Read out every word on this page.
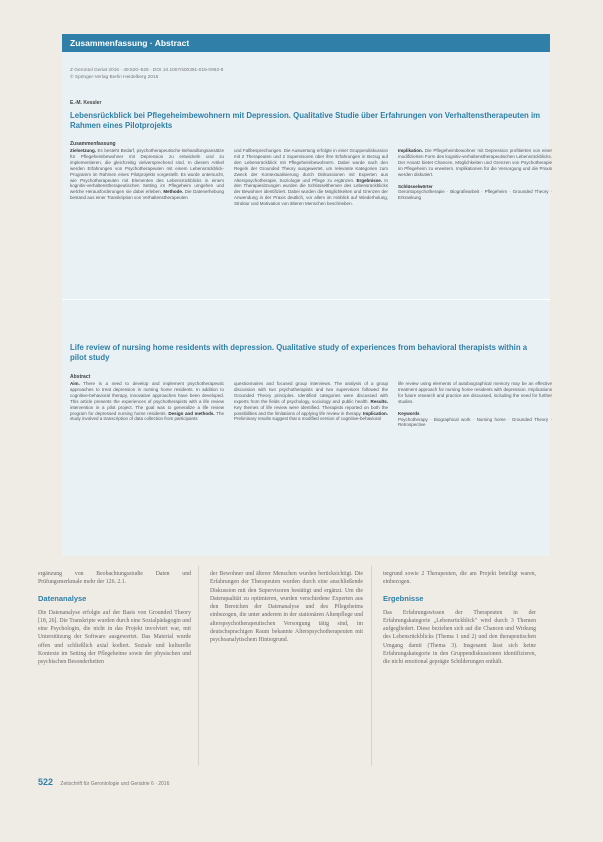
Zusammenfassung · Abstract
Z Gerontol Geriat 2016 · 49:520–525 · DOI 10.1007/s00391-015-0963-8
© Springer-Verlag Berlin Heidelberg 2015
E.-M. Kessler
Lebensrückblick bei Pflegeheimbewohnern mit Depression. Qualitative Studie über Erfahrungen von Verhaltenstherapeuten im Rahmen eines Pilotprojekts
Zusammenfassung
Zielsetzung. Es besteht Bedarf, psychotherapeutische Behandlungsansätze für Pflegeheimbewohner mit Depression zu entwickeln und zu implementieren, die gleichzeitig vielversprechend sind. In diesem Artikel werden Erfahrungen von Psychotherapeuten mit einem Lebensrückblick-Programm im Rahmen eines Pilotprojekts vorgestellt. Es wurde untersucht, wie Psychotherapeuten mit Elementen des Lebensrückblicks in einem kognitiv-verhaltenstherapeutischen Setting im Pflegeheim umgehen und welche Herausforderungen sie dabei erleben. Methode. Die Datenerhebung bestand aus einer Transkription von Verhaltenstherapeuten
und Fallbesprechungen. Die Auswertung erfolgte in einer Gruppendiskussion mit 2 Therapeuten und 2 Supervisoren über ihre Erfahrungen in Bezug auf den Lebensrückblick mit Pflegeheimbewohnern. Dabei wurde nach den Regeln der Grounded Theory ausgewertet, um relevante Kategorien zum Zweck der Kontextualisierung durch Diskussionen mit Experten aus Alterspsychotherapie, Soziologie und Pflege zu ergänzen. Ergebnisse. In den Therapiesitzungen wurden die Schlüsselthemen des Lebensrückblicks der Bewohner identifiziert. Dabei wurden die Möglichkeiten und Grenzen der Anwendung in der Praxis deutlich, vor allem im Hinblick auf Wiederholung, Struktur und Motivation von älteren Menschen beschrieben.
Implikation. Die Pflegeheimbewohner mit Depression profitierten von einer modifizierten Form des kognitiv-verhaltenstherapeutischen Lebensrückblicks. Der Ansatz bietet Chancen, Möglichkeiten und Grenzen von Psychotherapie im Pflegeheim zu erweitern. Implikationen für die Versorgung und die Praxis werden diskutiert.
Schlüsselwörter
Gerontopsychotherapie · Biografiearbeit · Pflegeheim · Grounded Theory · Erkrankung
Life review of nursing home residents with depression. Qualitative study of experiences from behavioral therapists within a pilot study
Abstract
Aim. There is a need to develop and implement psychotherapeutic approaches to treat depression in nursing home residents. In addition to cognitive-behavioral therapy, innovative approaches have been developed. This article presents the experiences of psychotherapists with a life review intervention in a pilot project. The goal was to generalize a life review program for depressed nursing home residents. Design and methods. The study involved a transcription of data collection from participants
questionnaires and focused group interviews. The analysis of a group discussion with two psychotherapists and two supervisors followed the Grounded Theory principles. Identified categories were discussed with experts from the fields of psychology, sociology and public health. Results. Key themes of life review were identified. Therapists reported on both the possibilities and the limitations of applying life review in therapy. Implication. Preliminary results suggest that a modified version of cognitive-behavioral
life review using elements of autobiographical memory may be an effective treatment approach for nursing home residents with depression. Implications for future research and practice are discussed, including the need for further studies.
Keywords
Psychotherapy · Biographical work · Nursing home · Grounded Theory · Retrospective
ergänzung von Beobachtungsstudie Daten und Prüfungsmerkmale mehr der 126. 2.1.
Datenanalyse
Die Datenanalyse erfolgte auf der Basis von Grounded Theory [18, 26]. Die Transkripte wurden durch eine Sozialpädagogin und eine Psychologin, die nicht in das Projekt involviert war, mit Unterstützung der Software ausgewertet. Das Material wurde offen und schließlich axial kodiert. Soziale und kulturelle Kontexte im Setting der Pflegeheime sowie der physischen und psychischen Besonderheiten
der Bewohner und älterer Menschen wurden berücksichtigt. Die Erfahrungen der Therapeuten wurden durch eine anschließende Diskussion mit den Supervisoren bestätigt und ergänzt. Um die Datenqualität zu optimieren, wurden verschiedene Experten aus den Bereichen der Datenanalyse und des Pflegeheims einbezogen, die unter anderem in der stationären Altenpflege und alterspsychotherapeutischen Versorgung tätig sind, im deutschsprachigen Raum bekannte Alterspsychotherapeuten mit psychoanalytischem Hintergrund.
tergrund sowie 2 Therapeuten, die am Projekt beteiligt waren, einbezogen.
Ergebnisse
Das Erfahrungswissen der Therapeuten in der Erfahrungskategorie „Lebensrückblick" wird durch 3 Themen aufgegliedert. Diese beziehen sich auf die Chancen und Wirkung des Lebensrückblicks (Thema 1 und 2) und den therapeutischen Umgang damit (Thema 3). Insgesamt lässt sich keine Erfahrungskategorie in den Gruppendiskussionen identifizieren, die nicht emotional geprägte Schilderungen enthält.
522 Zeitschrift für Gerontologie und Geriatrie 6 · 2016
